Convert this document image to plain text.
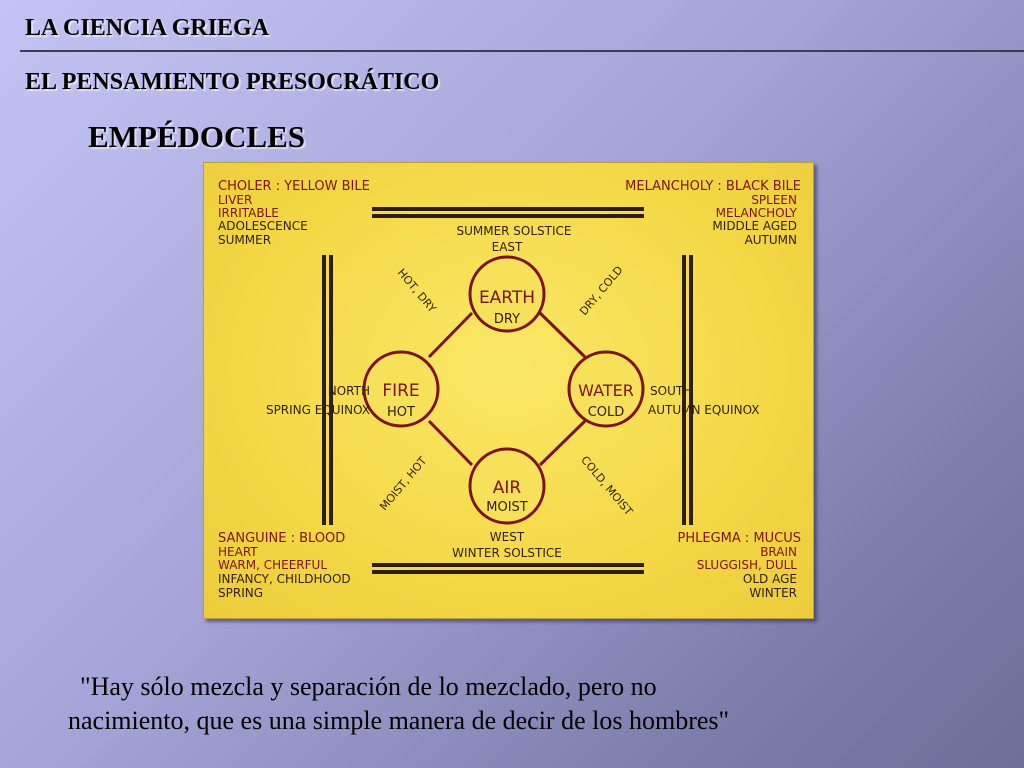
LA CIENCIA GRIEGA
EL PENSAMIENTO PRESOCRÁTICO
EMPÉDOCLES
EARTH
DRY
FIRE
HOT
WATER
COLD
AIR
MOIST
SUMMER SOLSTICE
EAST
NORTH
SPRING EQUINOX
SOUTH
AUTUMN EQUINOX
WEST
WINTER SOLSTICE
HOT, DRY	DRY, COLD
MOIST, HOT	COLD, MOIST
CHOLER : YELLOW BILE
LIVER
IRRITABLE
ADOLESCENCE
SUMMER
MELANCHOLY : BLACK BILE
SPLEEN
MELANCHOLY
MIDDLE AGED
AUTUMN
SANGUINE : BLOOD
HEART
WARM, CHEERFUL
INFANCY, CHILDHOOD
SPRING
PHLEGMA : MUCUS
BRAIN
SLUGGISH, DULL
OLD AGE
WINTER
"Hay sólo mezcla y separación de lo mezclado, pero no
nacimiento, que es una simple manera de decir de los hombres"
